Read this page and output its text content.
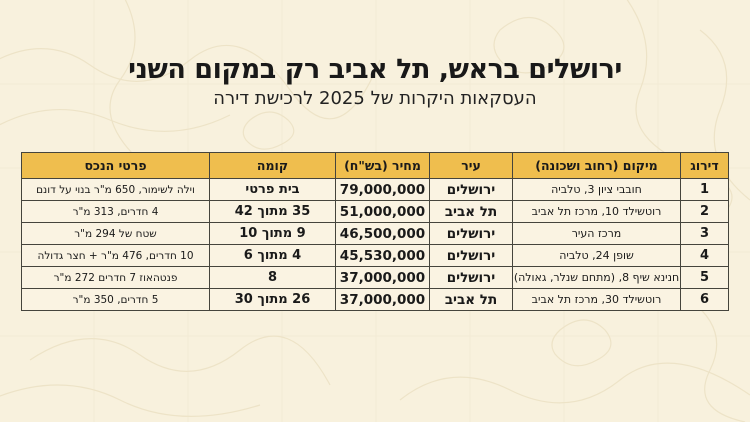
ירושלים בראש, תל אביב רק במקום השני
העסקאות היקרות של 2025 לרכישת דירה
דירוג	מיקום (רחוב ושכונה)	עיר	מחיר (בש"ח)	קומה	פרטי הנכס
1	חובבי ציון 3, טלביה	ירושלים	79,000,000	בית פרטי	וילה לשימור, 650 מ"ר בנוי על דונם
2	רוטשילד 10, מרכז תל אביב	תל אביב	51,000,000	35 מתוך 42	4 חדרים, 313 מ"ר
3	מרכז העיר	ירושלים	46,500,000	9 מתוך 10	שטח של 294 מ"ר
4	שופן 24, טלביה	ירושלים	45,530,000	4 מתוך 6	10 חדרים, 476 מ"ר + חצר גדולה
5	חנינא שיף 8, (מתחם שנלר, גאולה)	ירושלים	37,000,000	8	פנטהאוז 7 חדרים 272 מ"ר
6	רוטשילד 30, מרכז תל אביב	תל אביב	37,000,000	26 מתוך 30	5 חדרים, 350 מ"ר
